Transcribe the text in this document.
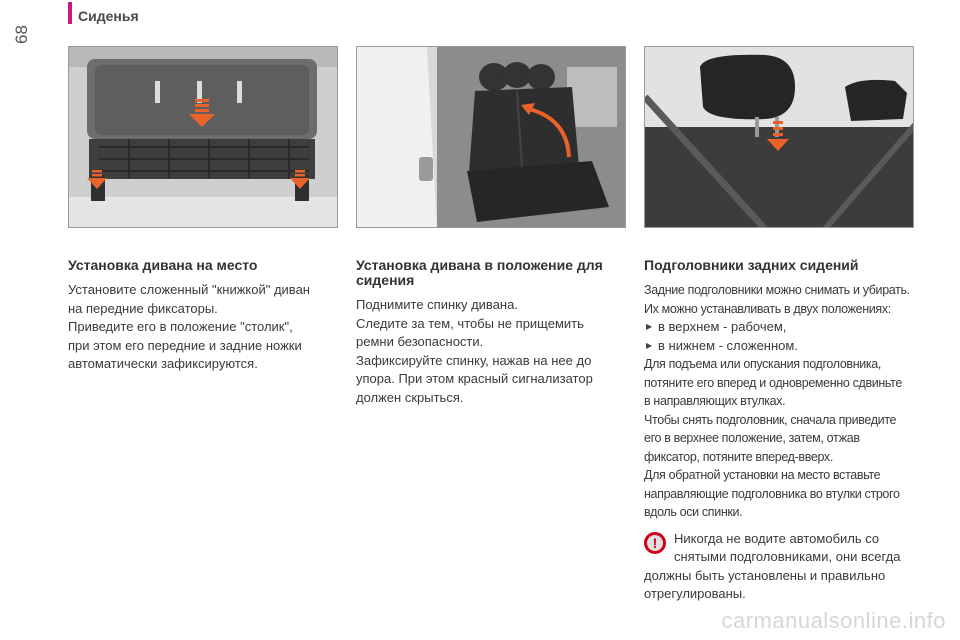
Сиденья
68
Установка дивана на место

Установите сложенный "книжкой" диван

на передние фиксаторы.

Приведите его в положение "столик",

при этом его передние и задние ножки

автоматически зафиксируются.

Установка дивана в положение для
сидения

Поднимите спинку дивана.

Следите за тем, чтобы не прищемить

ремни безопасности.

Зафиксируйте спинку, нажав на нее до

упора. При этом красный сигнализатор

должен скрыться.

Подголовники задних сидений

Задние подголовники можно снимать и убирать.

Их можно устанавливать в двух положениях:

▶ в верхнем - рабочем,

▶ в нижнем - сложенном.

Для подъема или опускания подголовника,

потяните его вперед и одновременно сдвиньте

в направляющих втулках.

Чтобы снять подголовник, сначала приведите

его в верхнее положение, затем, отжав

фиксатор, потяните вперед-вверх.

Для обратной установки на место вставьте

направляющие подголовника во втулки строго

вдоль оси спинки.

!	Никогда не водите автомобиль со

снятыми подголовниками, они всегда

должны быть установлены и правильно

отрегулированы.

carmanualsonline.info
